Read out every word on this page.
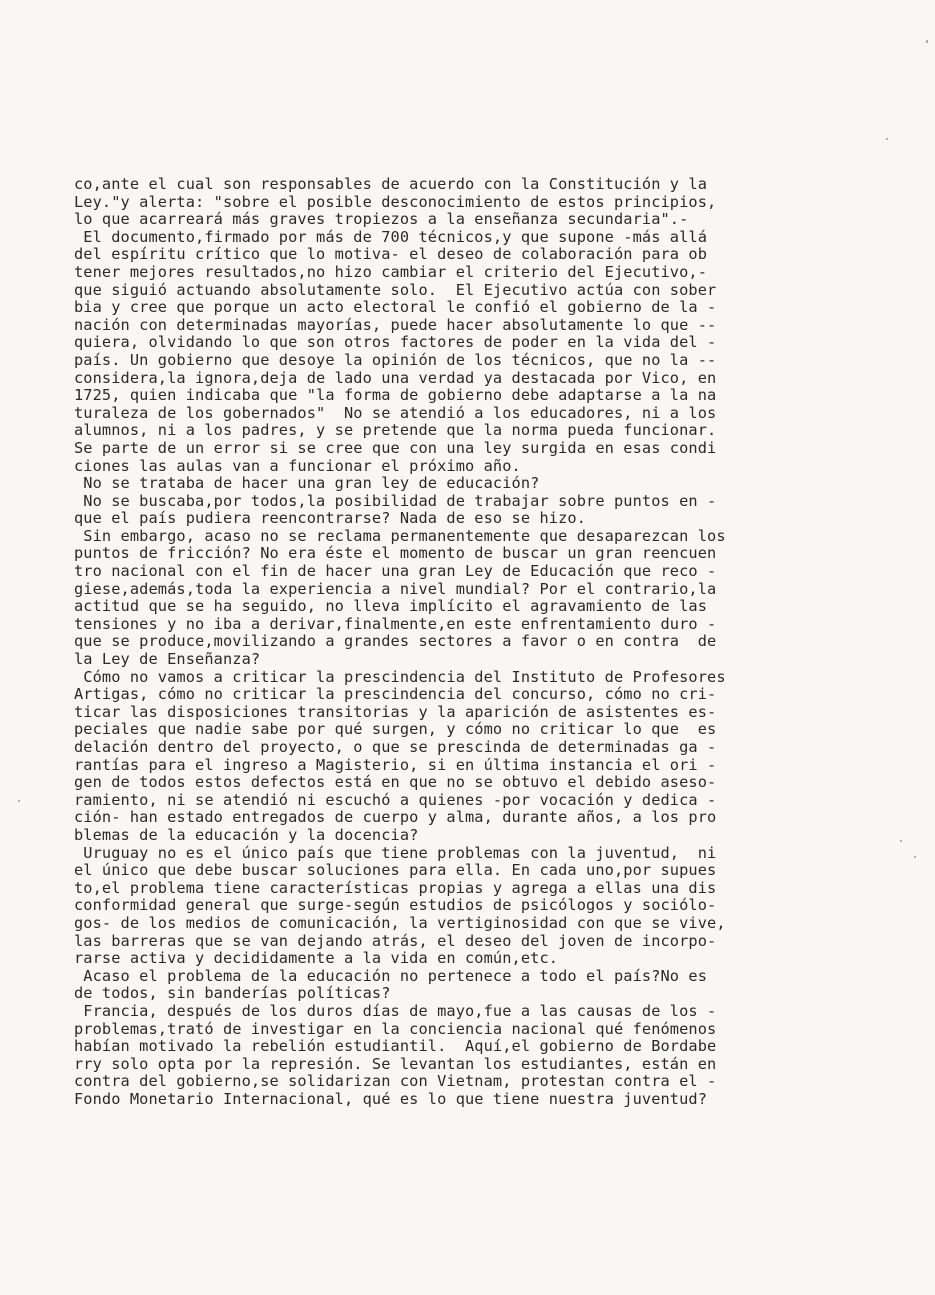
co,ante el cual son responsables de acuerdo con la Constitución y la
Ley."y alerta: "sobre el posible desconocimiento de estos principios,
lo que acarreará más graves tropiezos a la enseñanza secundaria".-
El documento,firmado por más de 700 técnicos,y que supone -más allá
del espíritu crítico que lo motiva- el deseo de colaboración para ob
tener mejores resultados,no hizo cambiar el criterio del Ejecutivo,-
que siguió actuando absolutamente solo.  El Ejecutivo actúa con sober
bia y cree que porque un acto electoral le confió el gobierno de la -
nación con determinadas mayorías, puede hacer absolutamente lo que --
quiera, olvidando lo que son otros factores de poder en la vida del -
país. Un gobierno que desoye la opinión de los técnicos, que no la --
considera,la ignora,deja de lado una verdad ya destacada por Vico, en
1725, quien indicaba que "la forma de gobierno debe adaptarse a la na
turaleza de los gobernados"  No se atendió a los educadores, ni a los
alumnos, ni a los padres, y se pretende que la norma pueda funcionar.
Se parte de un error si se cree que con una ley surgida en esas condi
ciones las aulas van a funcionar el próximo año.
No se trataba de hacer una gran ley de educación?
No se buscaba,por todos,la posibilidad de trabajar sobre puntos en -
que el país pudiera reencontrarse? Nada de eso se hizo.
Sin embargo, acaso no se reclama permanentemente que desaparezcan los
puntos de fricción? No era éste el momento de buscar un gran reencuen
tro nacional con el fin de hacer una gran Ley de Educación que reco -
giese,además,toda la experiencia a nivel mundial? Por el contrario,la
actitud que se ha seguido, no lleva implícito el agravamiento de las
tensiones y no iba a derivar,finalmente,en este enfrentamiento duro -
que se produce,movilizando a grandes sectores a favor o en contra  de
la Ley de Enseñanza?
Cómo no vamos a criticar la prescindencia del Instituto de Profesores
Artigas, cómo no criticar la prescindencia del concurso, cómo no cri-
ticar las disposiciones transitorias y la aparición de asistentes es-
peciales que nadie sabe por qué surgen, y cómo no criticar lo que  es
delación dentro del proyecto, o que se prescinda de determinadas ga -
rantías para el ingreso a Magisterio, si en última instancia el ori -
gen de todos estos defectos está en que no se obtuvo el debido aseso-
ramiento, ni se atendió ni escuchó a quienes -por vocación y dedica -
ción- han estado entregados de cuerpo y alma, durante años, a los pro
blemas de la educación y la docencia?
Uruguay no es el único país que tiene problemas con la juventud,  ni
el único que debe buscar soluciones para ella. En cada uno,por supues
to,el problema tiene características propias y agrega a ellas una dis
conformidad general que surge-según estudios de psicólogos y sociólo-
gos- de los medios de comunicación, la vertiginosidad con que se vive,
las barreras que se van dejando atrás, el deseo del joven de incorpo-
rarse activa y decididamente a la vida en común,etc.
Acaso el problema de la educación no pertenece a todo el país?No es
de todos, sin banderías políticas?
Francia, después de los duros días de mayo,fue a las causas de los -
problemas,trató de investigar en la conciencia nacional qué fenómenos
habían motivado la rebelión estudiantil.  Aquí,el gobierno de Bordabe
rry solo opta por la represión. Se levantan los estudiantes, están en
contra del gobierno,se solidarizan con Vietnam, protestan contra el -
Fondo Monetario Internacional, qué es lo que tiene nuestra juventud?
